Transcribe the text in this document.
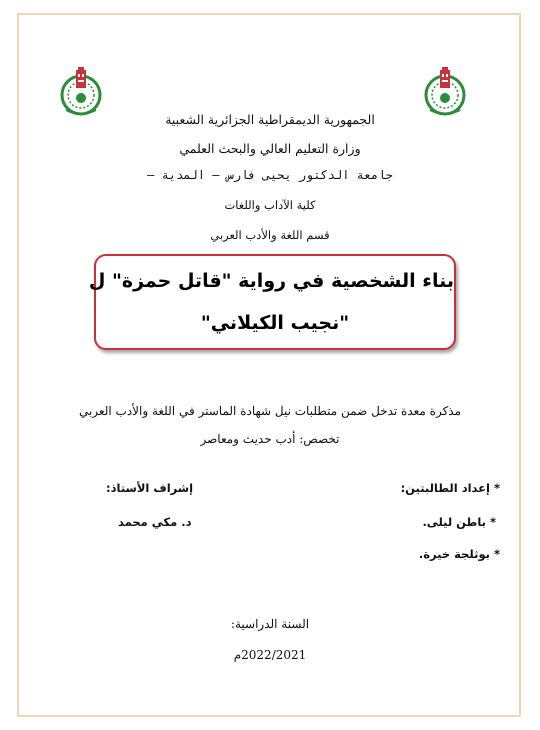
الجمهورية الديمقراطية الجزائرية الشعبية
وزارة التعليم العالي والبحث العلمي
جامعة الدكتور يحيى فارس – المدية –
كلية الآداب واللغات
قسم اللغة والأدب العربي
بناء الشخصية في رواية "قاتل حمزة" ل
"نجيب الكيلاني"
مذكرة معدة تدخل ضمن متطلبات نيل شهادة الماستر في اللغة والأدب العربي
تخصص: أدب حديث ومعاصر
* إعداد الطالبتين:
* باطن ليلى.
* بوثلجة خيرة.
إشراف الأستاذ:
د. مكي محمد
السنة الدراسية:
2022/2021م
